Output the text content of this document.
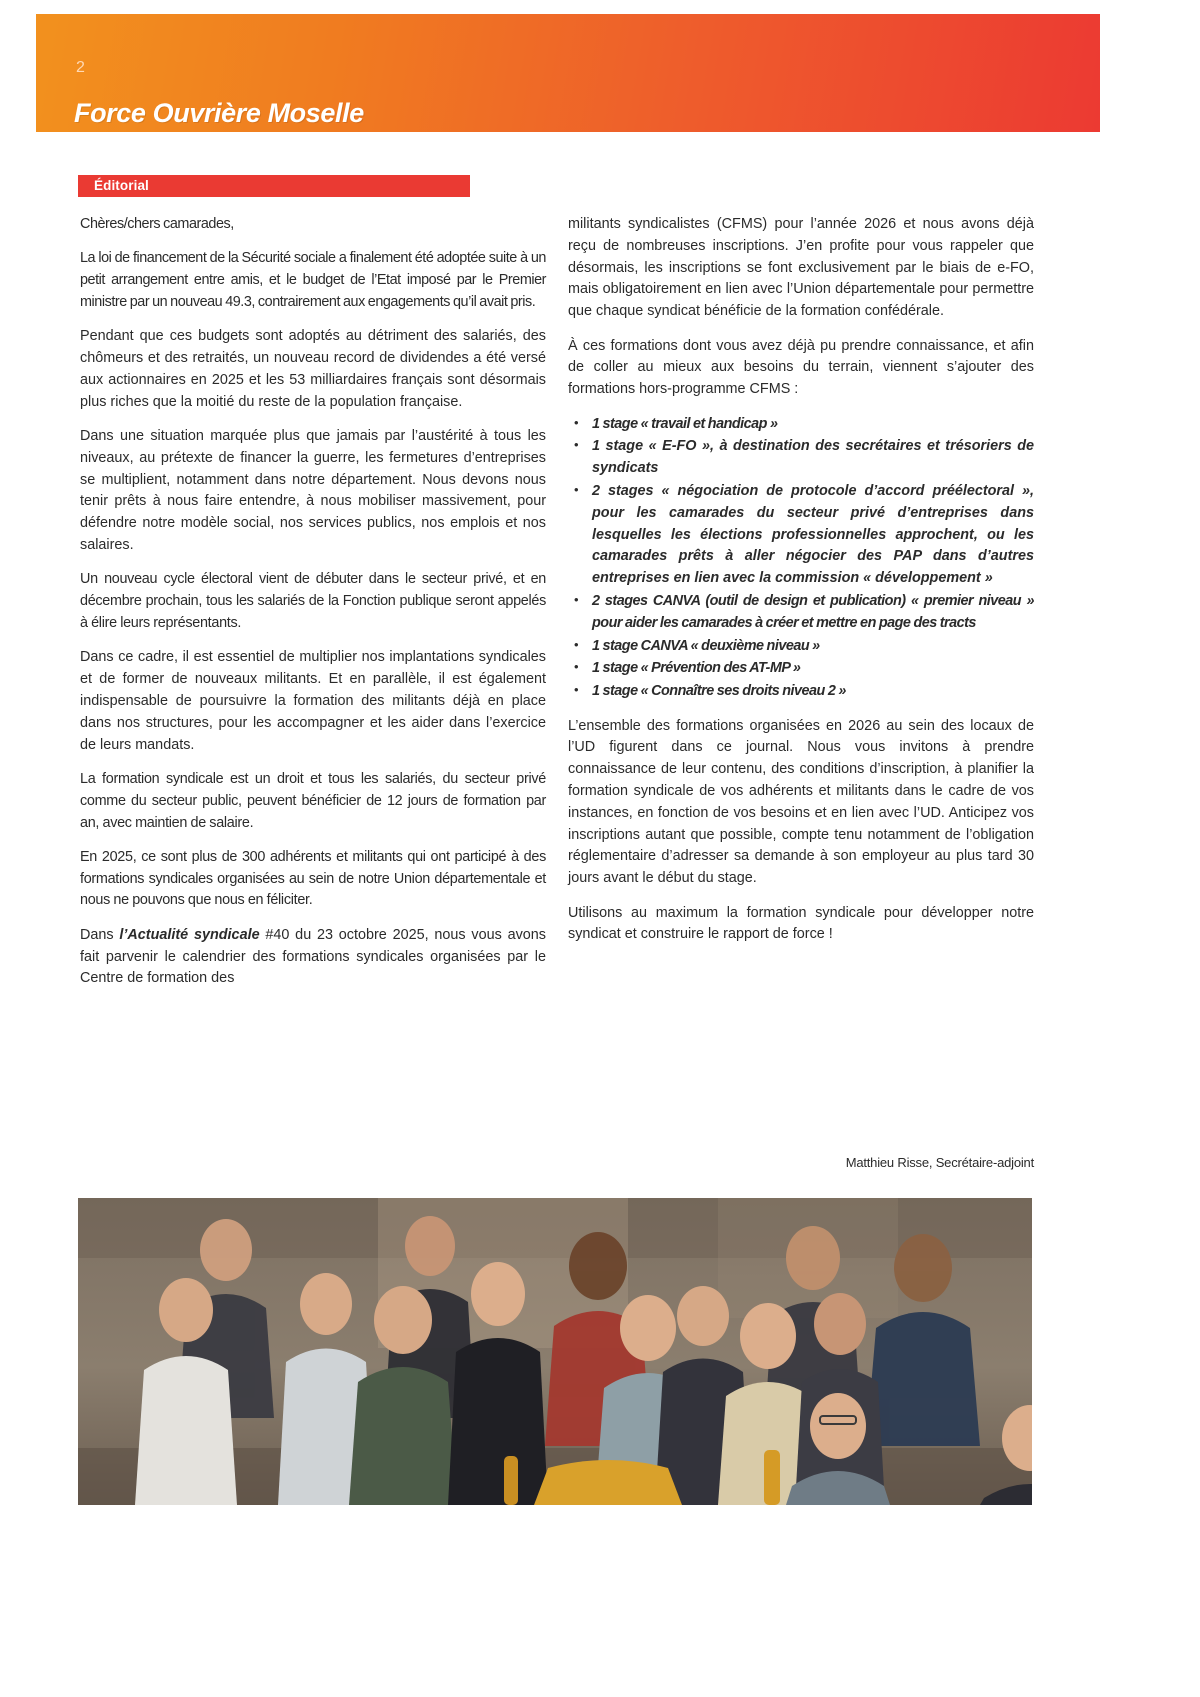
2
Force Ouvrière Moselle
Éditorial

Chères/chers camarades,

La loi de financement de la Sécurité sociale a finalement été adoptée suite à un petit arrangement entre amis, et le budget de l’Etat imposé par le Premier ministre par un nouveau 49.3, contrairement aux engagements qu’il avait pris.

Pendant que ces budgets sont adoptés au détriment des salariés, des chômeurs et des retraités, un nouveau record de dividendes a été versé aux actionnaires en 2025 et les 53 milliardaires français sont désormais plus riches que la moitié du reste de la population française.

Dans une situation marquée plus que jamais par l’austérité à tous les niveaux, au prétexte de financer la guerre, les fermetures d’entreprises se multiplient, notamment dans notre département. Nous devons nous tenir prêts à nous faire entendre, à nous mobiliser massivement, pour défendre notre modèle social, nos services publics, nos emplois et nos salaires.

Un nouveau cycle électoral vient de débuter dans le secteur privé, et en décembre prochain, tous les salariés de la Fonction publique seront appelés à élire leurs représentants.

Dans ce cadre, il est essentiel de multiplier nos implantations syndicales et de former de nouveaux militants. Et en parallèle, il est également indispensable de poursuivre la formation des militants déjà en place dans nos structures, pour les accompagner et les aider dans l’exercice de leurs mandats.

La formation syndicale est un droit et tous les salariés, du secteur privé comme du secteur public, peuvent bénéficier de 12 jours de formation par an, avec maintien de salaire.

En 2025, ce sont plus de 300 adhérents et militants qui ont participé à des formations syndicales organisées au sein de notre Union départementale et nous ne pouvons que nous en féliciter.

Dans l’Actualité syndicale #40 du 23 octobre 2025, nous vous avons fait parvenir le calendrier des formations syndicales organisées par le Centre de formation des

militants syndicalistes (CFMS) pour l’année 2026 et nous avons déjà reçu de nombreuses inscriptions. J’en profite pour vous rappeler que désormais, les inscriptions se font exclusivement par le biais de e-FO, mais obligatoirement en lien avec l’Union départementale pour permettre que chaque syndicat bénéficie de la formation confédérale.

À ces formations dont vous avez déjà pu prendre connaissance, et afin de coller au mieux aux besoins du terrain, viennent s’ajouter des formations hors-programme CFMS :

• 1 stage « travail et handicap »
• 1 stage « E-FO », à destination des secrétaires et trésoriers de syndicats
• 2 stages « négociation de protocole d’accord préélectoral », pour les camarades du secteur privé d’entreprises dans lesquelles les élections professionnelles approchent, ou les camarades prêts à aller négocier des PAP dans d’autres entreprises en lien avec la commission « développement »
• 2 stages CANVA (outil de design et publication) « premier niveau » pour aider les camarades à créer et mettre en page des tracts
• 1 stage CANVA « deuxième niveau »
• 1 stage « Prévention des AT-MP »
• 1 stage « Connaître ses droits niveau 2 »

L’ensemble des formations organisées en 2026 au sein des locaux de l’UD figurent dans ce journal. Nous vous invitons à prendre connaissance de leur contenu, des conditions d’inscription, à planifier la formation syndicale de vos adhérents et militants dans le cadre de vos instances, en fonction de vos besoins et en lien avec l’UD. Anticipez vos inscriptions autant que possible, compte tenu notamment de l’obligation réglementaire d’adresser sa demande à son employeur au plus tard 30 jours avant le début du stage.

Utilisons au maximum la formation syndicale pour développer notre syndicat et construire le rapport de force !

Matthieu Risse, Secrétaire-adjoint
